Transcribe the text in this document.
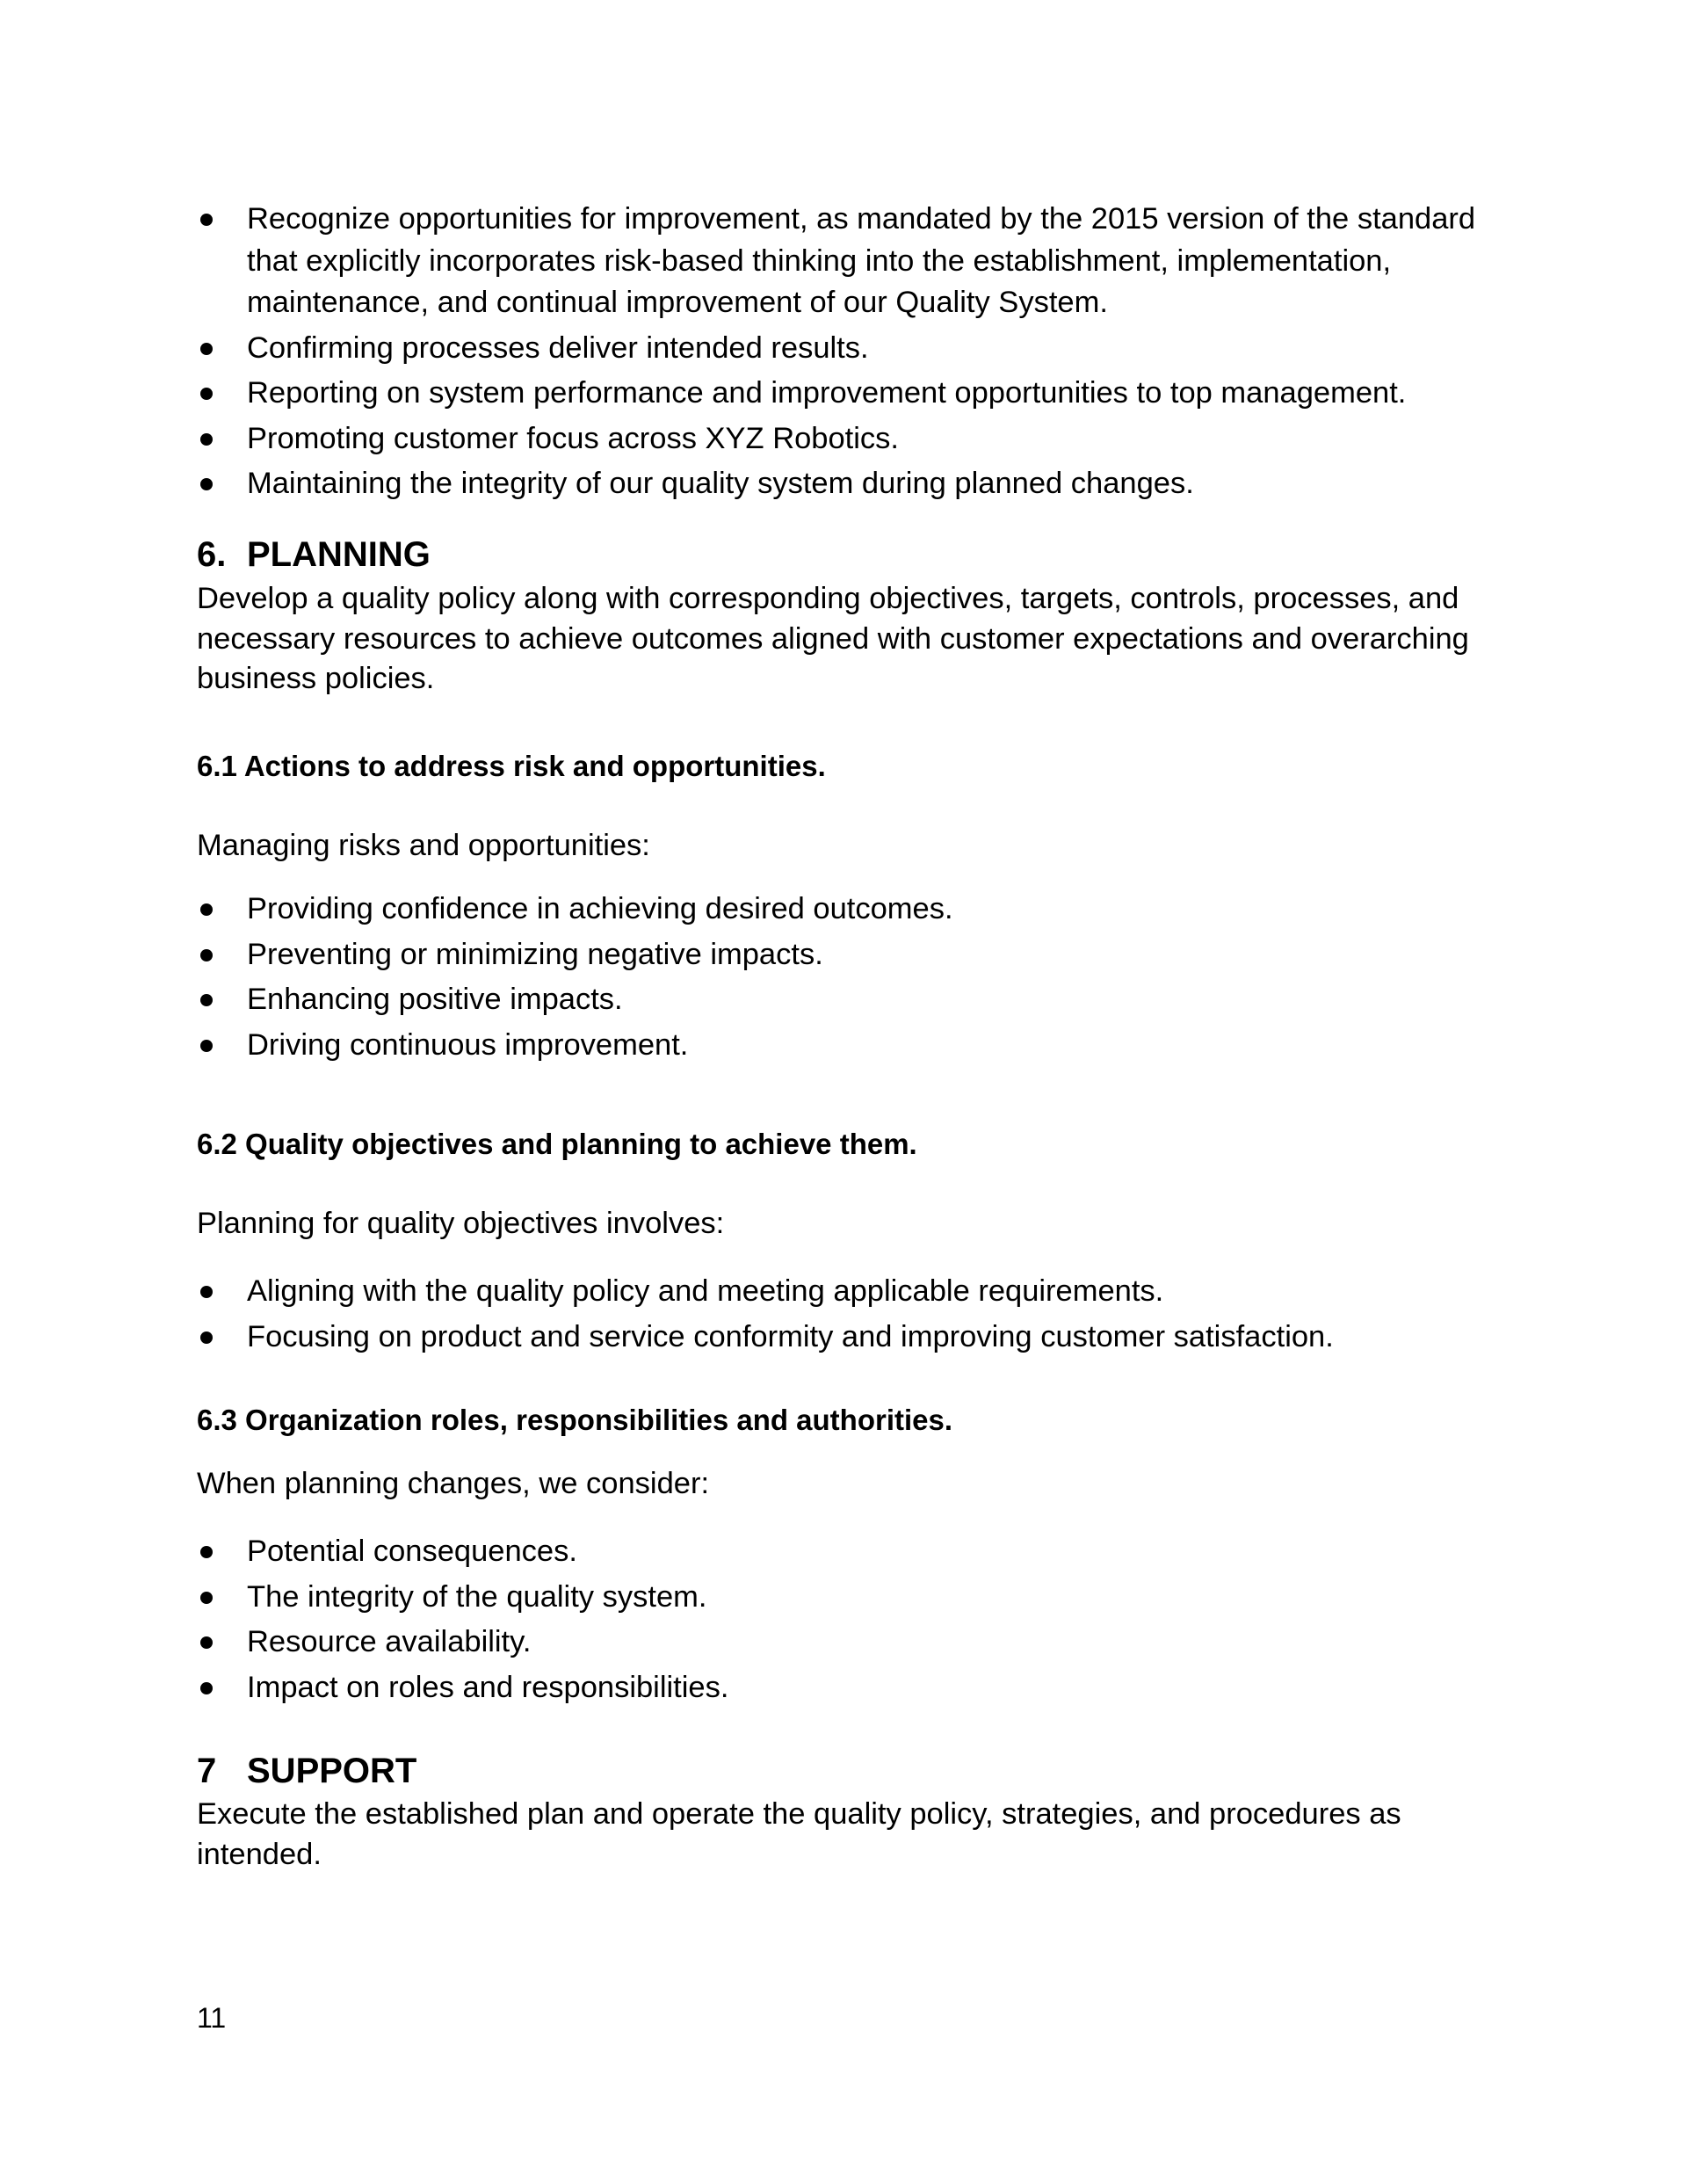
Recognize opportunities for improvement, as mandated by the 2015 version of the standard that explicitly incorporates risk-based thinking into the establishment, implementation, maintenance, and continual improvement of our Quality System.
Confirming processes deliver intended results.
Reporting on system performance and improvement opportunities to top management.
Promoting customer focus across XYZ Robotics.
Maintaining the integrity of our quality system during planned changes.
6. PLANNING

Develop a quality policy along with corresponding objectives, targets, controls, processes, and necessary resources to achieve outcomes aligned with customer expectations and overarching business policies.

6.1 Actions to address risk and opportunities.

Managing risks and opportunities:

Providing confidence in achieving desired outcomes.
Preventing or minimizing negative impacts.
Enhancing positive impacts.
Driving continuous improvement.
6.2 Quality objectives and planning to achieve them.

Planning for quality objectives involves:

Aligning with the quality policy and meeting applicable requirements.
Focusing on product and service conformity and improving customer satisfaction.
6.3 Organization roles, responsibilities and authorities.

When planning changes, we consider:

Potential consequences.
The integrity of the quality system.
Resource availability.
Impact on roles and responsibilities.
7 SUPPORT

Execute the established plan and operate the quality policy, strategies, and procedures as intended.

11
